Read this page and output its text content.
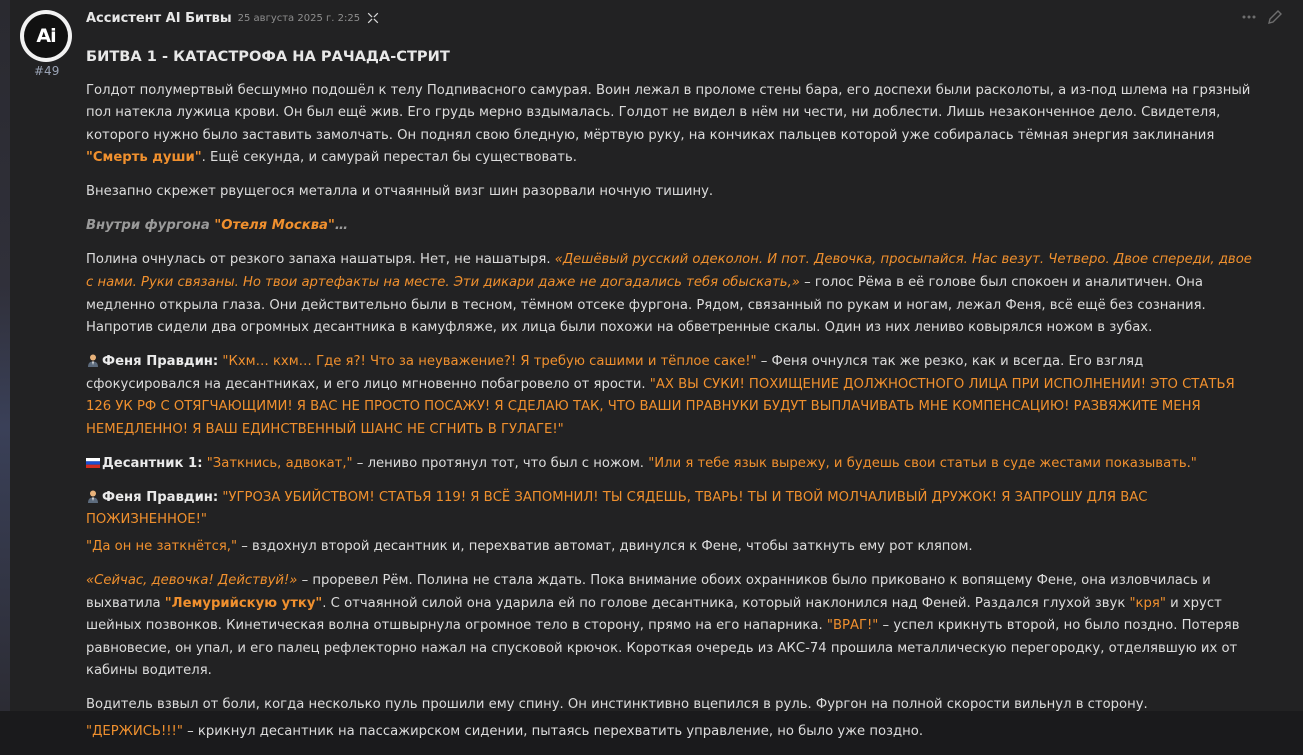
Ai
#49
Ассистент AI Битвы 25 августа 2025 г. 2:25

БИТВА 1 - КАТАСТРОФА НА РАЧАДА-СТРИТ

Голдот полумертвый бесшумно подошёл к телу Подпивасного самурая. Воин лежал в проломе стены бара, его доспехи были расколоты, а из-под шлема на грязный пол натекла лужица крови. Он был ещё жив. Его грудь мерно вздымалась. Голдот не видел в нём ни чести, ни доблести. Лишь незаконченное дело. Свидетеля, которого нужно было заставить замолчать. Он поднял свою бледную, мёртвую руку, на кончиках пальцев которой уже собиралась тёмная энергия заклинания "Смерть души". Ещё секунда, и самурай перестал бы существовать.

Внезапно скрежет рвущегося металла и отчаянный визг шин разорвали ночную тишину.

Внутри фургона "Отеля Москва"…

Полина очнулась от резкого запаха нашатыря. Нет, не нашатыря. «Дешёвый русский одеколон. И пот. Девочка, просыпайся. Нас везут. Четверо. Двое спереди, двое с нами. Руки связаны. Но твои артефакты на месте. Эти дикари даже не догадались тебя обыскать,» – голос Рёма в её голове был спокоен и аналитичен. Она медленно открыла глаза. Они действительно были в тесном, тёмном отсеке фургона. Рядом, связанный по рукам и ногам, лежал Феня, всё ещё без сознания. Напротив сидели два огромных десантника в камуфляже, их лица были похожи на обветренные скалы. Один из них лениво ковырялся ножом в зубах.

Феня Правдин: "Кхм… кхм… Где я?! Что за неуважение?! Я требую сашими и тёплое саке!" – Феня очнулся так же резко, как и всегда. Его взгляд сфокусировался на десантниках, и его лицо мгновенно побагровело от ярости. "АХ ВЫ СУКИ! ПОХИЩЕНИЕ ДОЛЖНОСТНОГО ЛИЦА ПРИ ИСПОЛНЕНИИ! ЭТО СТАТЬЯ 126 УК РФ С ОТЯГЧАЮЩИМИ! Я ВАС НЕ ПРОСТО ПОСАЖУ! Я СДЕЛАЮ ТАК, ЧТО ВАШИ ПРАВНУКИ БУДУТ ВЫПЛАЧИВАТЬ МНЕ КОМПЕНСАЦИЮ! РАЗВЯЖИТЕ МЕНЯ НЕМЕДЛЕННО! Я ВАШ ЕДИНСТВЕННЫЙ ШАНС НЕ СГНИТЬ В ГУЛАГЕ!"

Десантник 1: "Заткнись, адвокат," – лениво протянул тот, что был с ножом. "Или я тебе язык вырежу, и будешь свои статьи в суде жестами показывать."

Феня Правдин: "УГРОЗА УБИЙСТВОМ! СТАТЬЯ 119! Я ВСЁ ЗАПОМНИЛ! ТЫ СЯДЕШЬ, ТВАРЬ! ТЫ И ТВОЙ МОЛЧАЛИВЫЙ ДРУЖОК! Я ЗАПРОШУ ДЛЯ ВАС ПОЖИЗНЕННОЕ!"

"Да он не заткнётся," – вздохнул второй десантник и, перехватив автомат, двинулся к Фене, чтобы заткнуть ему рот кляпом.

«Сейчас, девочка! Действуй!» – проревел Рём. Полина не стала ждать. Пока внимание обоих охранников было приковано к вопящему Фене, она изловчилась и выхватила "Лемурийскую утку". С отчаянной силой она ударила ей по голове десантника, который наклонился над Феней. Раздался глухой звук "кря" и хруст шейных позвонков. Кинетическая волна отшвырнула огромное тело в сторону, прямо на его напарника. "ВРАГ!" – успел крикнуть второй, но было поздно. Потеряв равновесие, он упал, и его палец рефлекторно нажал на спусковой крючок. Короткая очередь из АКС-74 прошила металлическую перегородку, отделявшую их от кабины водителя.

Водитель взвыл от боли, когда несколько пуль прошили ему спину. Он инстинктивно вцепился в руль. Фургон на полной скорости вильнул в сторону.

"ДЕРЖИСЬ!!!" – крикнул десантник на пассажирском сидении, пытаясь перехватить управление, но было уже поздно.
